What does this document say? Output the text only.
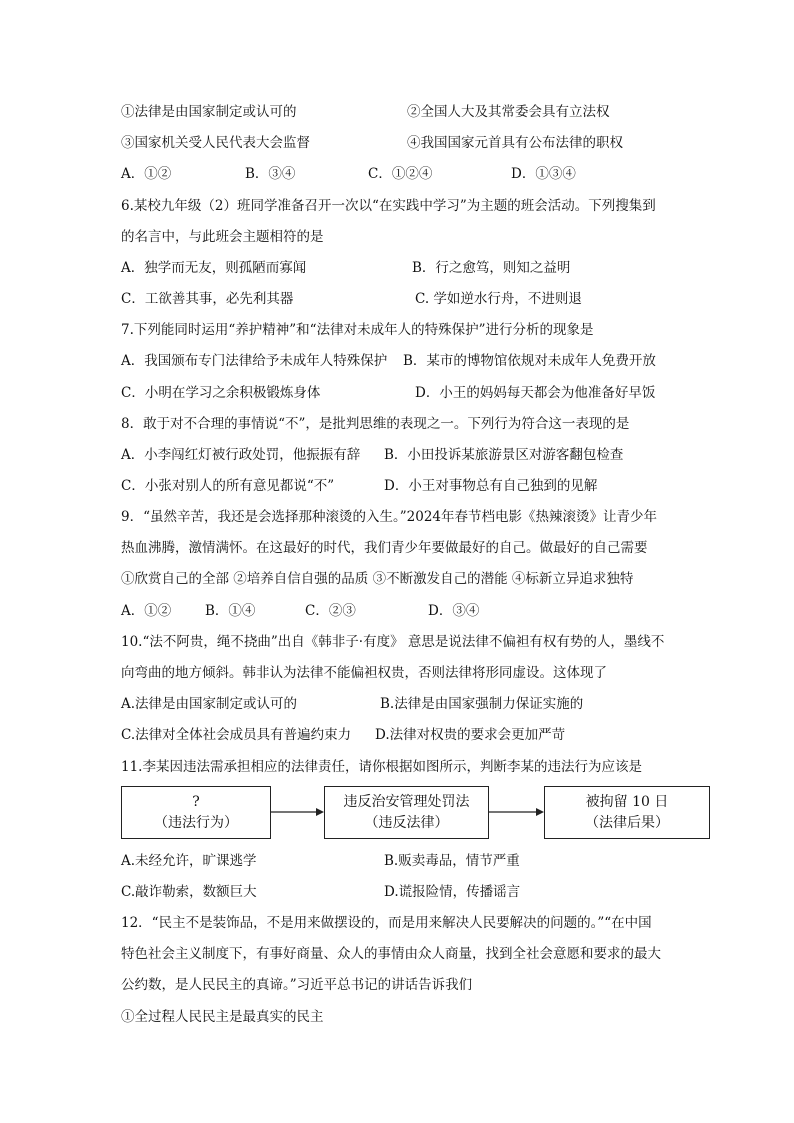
①法律是由国家制定或认可的	②全国人大及其常委会具有立法权
③国家机关受人民代表大会监督	④我国国家元首具有公布法律的职权
A．①②	B．③④	C．①②④	D．①③④
6.某校九年级（2）班同学准备召开一次以“在实践中学习”为主题的班会活动。下列搜集到
的名言中，与此班会主题相符的是
A．独学而无友，则孤陋而寡闻	B．行之愈笃，则知之益明
C．工欲善其事，必先利其器	C. 学如逆水行舟，不进则退
7.下列能同时运用“养护精神”和“法律对未成年人的特殊保护”进行分析的现象是
A．我国颁布专门法律给予未成年人特殊保护 B．某市的博物馆依规对未成年人免费开放
C．小明在学习之余积极锻炼身体	D．小王的妈妈每天都会为他准备好早饭
8．敢于对不合理的事情说“不”，是批判思维的表现之一。下列行为符合这一表现的是
A．小李闯红灯被行政处罚，他振振有辞 B．小田投诉某旅游景区对游客翻包检查
C．小张对别人的所有意见都说“不”	D．小王对事物总有自己独到的见解
9．“虽然辛苦，我还是会选择那种滚烫的入生。”2024年春节档电影《热辣滚烫》让青少年
热血沸腾，激情满怀。在这最好的时代，我们青少年要做最好的自己。做最好的自己需要
①欣赏自己的全部 ②培养自信自强的品质 ③不断激发自己的潜能 ④标新立异追求独特
A．①②	B．①④	C．②③	D．③④
10.“法不阿贵，绳不挠曲”出自《韩非子·有度》 意思是说法律不偏袒有权有势的人，墨线不
向弯曲的地方倾斜。韩非认为法律不能偏袒权贵，否则法律将形同虚设。这体现了
A.法律是由国家制定或认可的	B.法律是由国家强制力保证实施的
C.法律对全体社会成员具有普遍约束力 D.法律对权贵的要求会更加严苛
11.李某因违法需承担相应的法律责任，请你根据如图所示，判断李某的违法行为应该是
?
（违法行为）
违反治安管理处罚法
（违反法律）
被拘留 10 日
（法律后果）
A.未经允许，旷课逃学	B.贩卖毒品，情节严重
C.敲诈勒索，数额巨大	D.谎报险情，传播谣言
12．“民主不是装饰品，不是用来做摆设的，而是用来解决人民要解决的问题的。”“在中国
特色社会主义制度下，有事好商量、众人的事情由众人商量，找到全社会意愿和要求的最大
公约数，是人民民主的真谛。”习近平总书记的讲话告诉我们
①全过程人民民主是最真实的民主
